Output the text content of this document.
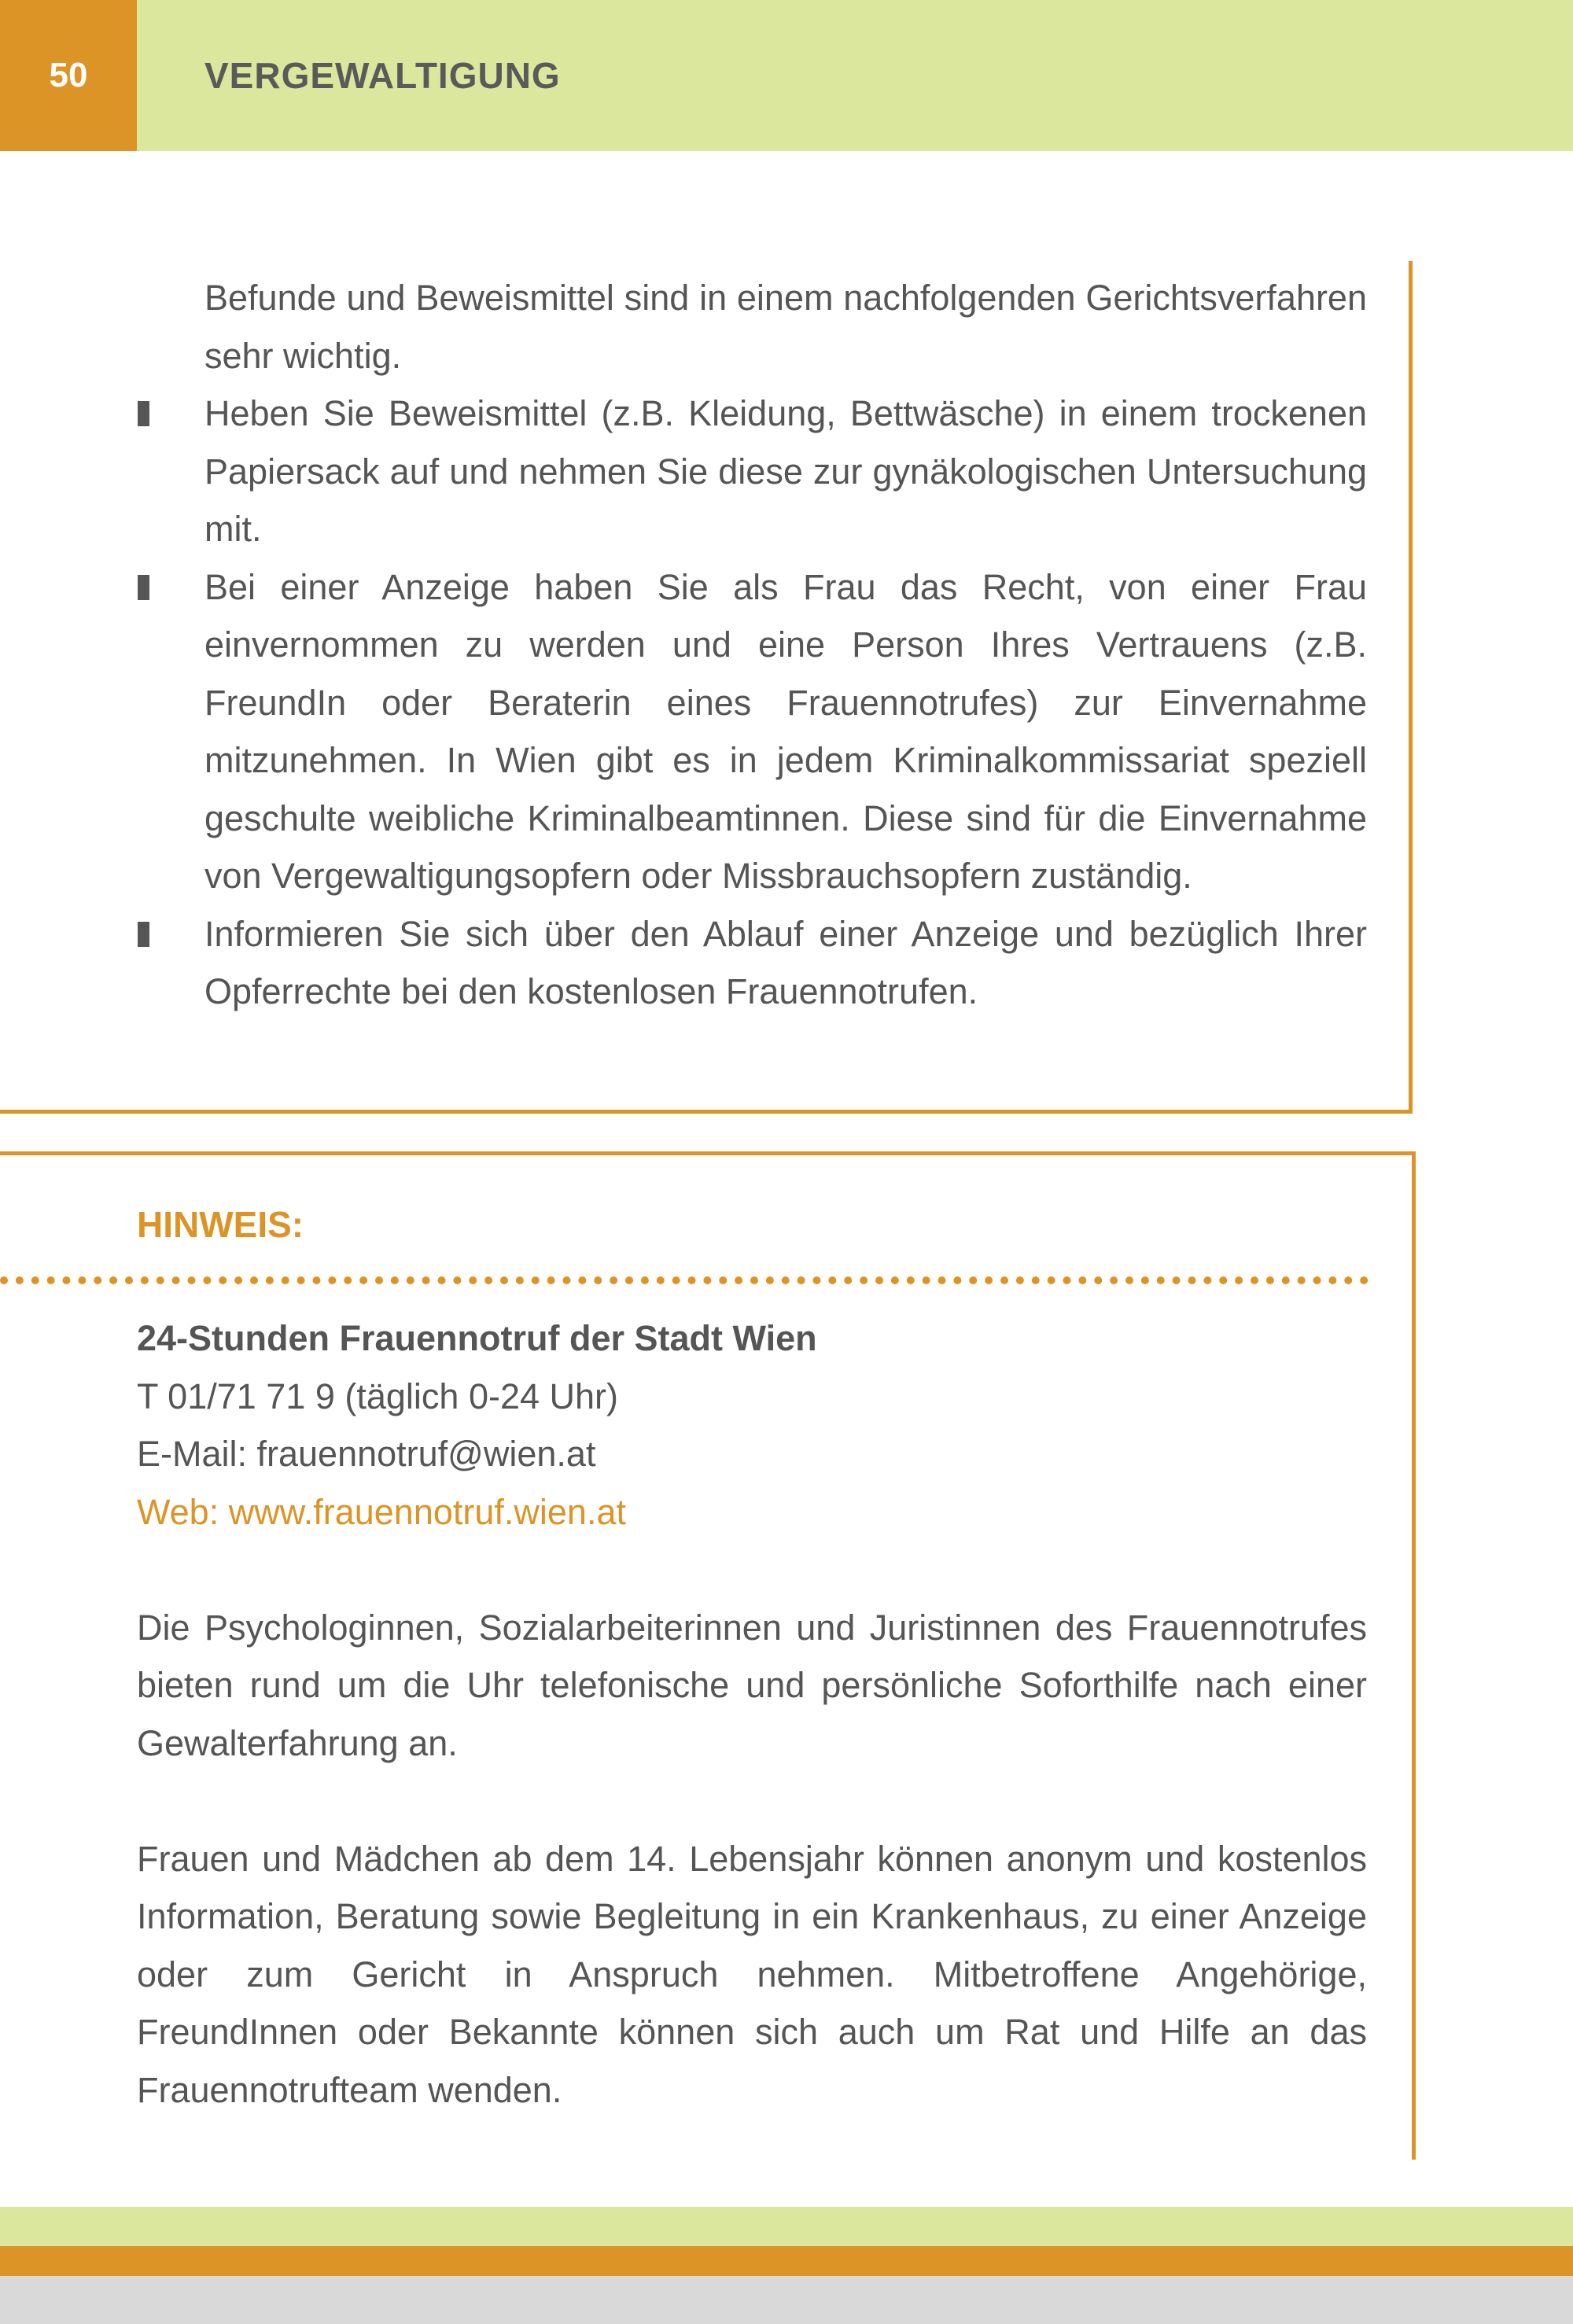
50	VERGEWALTIGUNG
Befunde und Beweismittel sind in einem nachfolgenden Gerichtsverfahren sehr wichtig.
Heben Sie Beweismittel (z.B. Kleidung, Bettwäsche) in einem trockenen Papiersack auf und nehmen Sie diese zur gynäkologischen Untersuchung mit.
Bei einer Anzeige haben Sie als Frau das Recht, von einer Frau einvernommen zu werden und eine Person Ihres Vertrauens (z.B. FreundIn oder Beraterin eines Frauennotrufes) zur Einvernahme mitzunehmen. In Wien gibt es in jedem Kriminalkommissariat speziell geschulte weibliche Kriminalbeamtinnen. Diese sind für die Einvernahme von Vergewaltigungsopfern oder Missbrauchsopfern zuständig.
Informieren Sie sich über den Ablauf einer Anzeige und bezüglich Ihrer Opferrechte bei den kostenlosen Frauennotrufen.
HINWEIS:
24-Stunden Frauennotruf der Stadt Wien
T 01/71 71 9 (täglich 0-24 Uhr)
E-Mail: frauennotruf@wien.at
Web: www.frauennotruf.wien.at

Die Psychologinnen, Sozialarbeiterinnen und Juristinnen des Frauennotrufes bieten rund um die Uhr telefonische und persönliche Soforthilfe nach einer Gewalterfahrung an.

Frauen und Mädchen ab dem 14. Lebensjahr können anonym und kostenlos Information, Beratung sowie Begleitung in ein Krankenhaus, zu einer Anzeige oder zum Gericht in Anspruch nehmen. Mitbetroffene Angehörige, FreundInnen oder Bekannte können sich auch um Rat und Hilfe an das Frauennotrufteam wenden.
